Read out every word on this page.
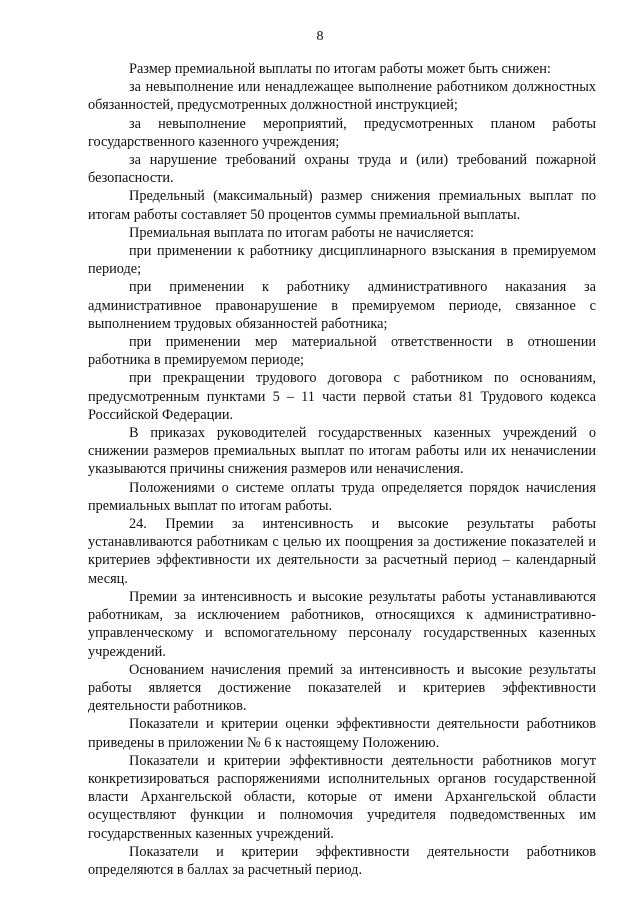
8

Размер премиальной выплаты по итогам работы может быть снижен:

за невыполнение или ненадлежащее выполнение работником должностных обязанностей, предусмотренных должностной инструкцией;

за невыполнение мероприятий, предусмотренных планом работы государственного казенного учреждения;

за нарушение требований охраны труда и (или) требований пожарной безопасности.

Предельный (максимальный) размер снижения премиальных выплат по итогам работы составляет 50 процентов суммы премиальной выплаты.

Премиальная выплата по итогам работы не начисляется:

при применении к работнику дисциплинарного взыскания в премируемом периоде;

при применении к работнику административного наказания за административное правонарушение в премируемом периоде, связанное с выполнением трудовых обязанностей работника;

при применении мер материальной ответственности в отношении работника в премируемом периоде;

при прекращении трудового договора с работником по основаниям, предусмотренным пунктами 5 – 11 части первой статьи 81 Трудового кодекса Российской Федерации.

В приказах руководителей государственных казенных учреждений о снижении размеров премиальных выплат по итогам работы или их неначислении указываются причины снижения размеров или неначисления.

Положениями о системе оплаты труда определяется порядок начисления премиальных выплат по итогам работы.

24. Премии за интенсивность и высокие результаты работы устанавливаются работникам с целью их поощрения за достижение показателей и критериев эффективности их деятельности за расчетный период – календарный месяц.

Премии за интенсивность и высокие результаты работы устанавливаются работникам, за исключением работников, относящихся к административно-управленческому и вспомогательному персоналу государственных казенных учреждений.

Основанием начисления премий за интенсивность и высокие результаты работы является достижение показателей и критериев эффективности деятельности работников.

Показатели и критерии оценки эффективности деятельности работников приведены в приложении № 6 к настоящему Положению.

Показатели и критерии эффективности деятельности работников могут конкретизироваться распоряжениями исполнительных органов государственной власти Архангельской области, которые от имени Архангельской области осуществляют функции и полномочия учредителя подведомственных им государственных казенных учреждений.

Показатели и критерии эффективности деятельности работников определяются в баллах за расчетный период.
